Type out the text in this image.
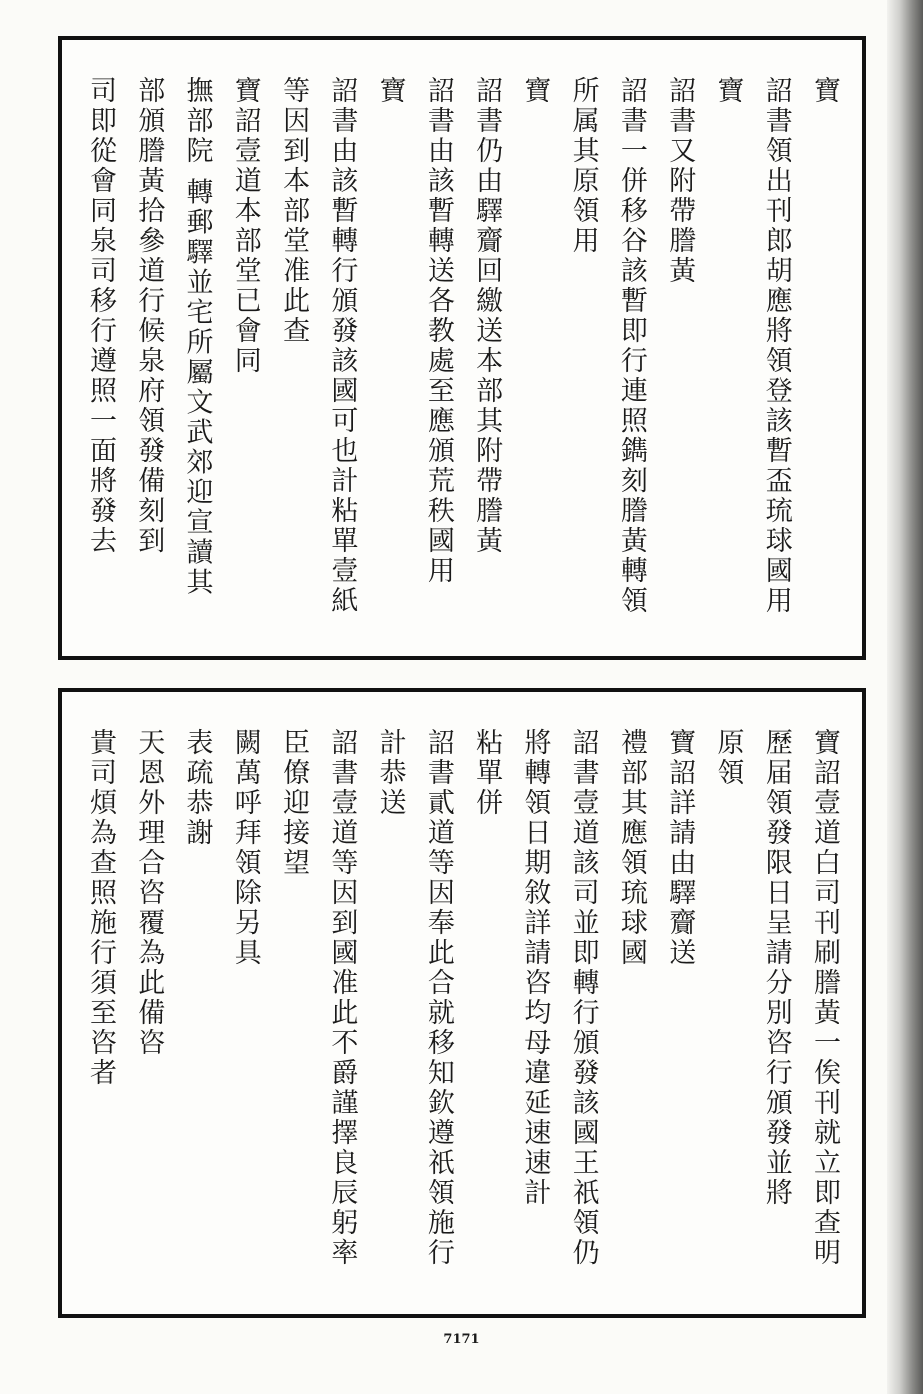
寶
詔書領出刊郎胡應將領登該暫盃琉球國用
寶
詔書又附帶謄黃
詔書一併移谷該暫即行連照鐫刻謄黃轉領
所属其原領用
寶
詔書仍由驛齎回繳送本部其附帶謄黃
詔書由該暫轉送各教處至應頒荒秩國用
寶
詔書由該暫轉行頒發該國可也計粘單壹紙
等因到本部堂准此查
寶詔壹道本部堂已會同
撫部院 轉郵驛並宅所屬文武郊迎宣讀其
部頒謄黃拾參道行候泉府領發備刻到
司即從會同泉司移行遵照一面將發去
寶詔壹道白司刊刷謄黃一俟刊就立即查明
歷届領發限日呈請分別咨行頒發並將
原領
寶詔詳請由驛齎送
禮部其應領琉球國
詔書壹道該司並即轉行頒發該國王祇領仍
將轉領日期敘詳請咨均母違延速速計
粘單併
詔書貳道等因奉此合就移知欽遵祇領施行
計恭送
詔書壹道等因到國准此不爵謹擇良辰躬率
臣僚迎接望
闕萬呼拜領除另具
表疏恭謝
天恩外理合咨覆為此備咨
貴司煩為查照施行須至咨者
7171
